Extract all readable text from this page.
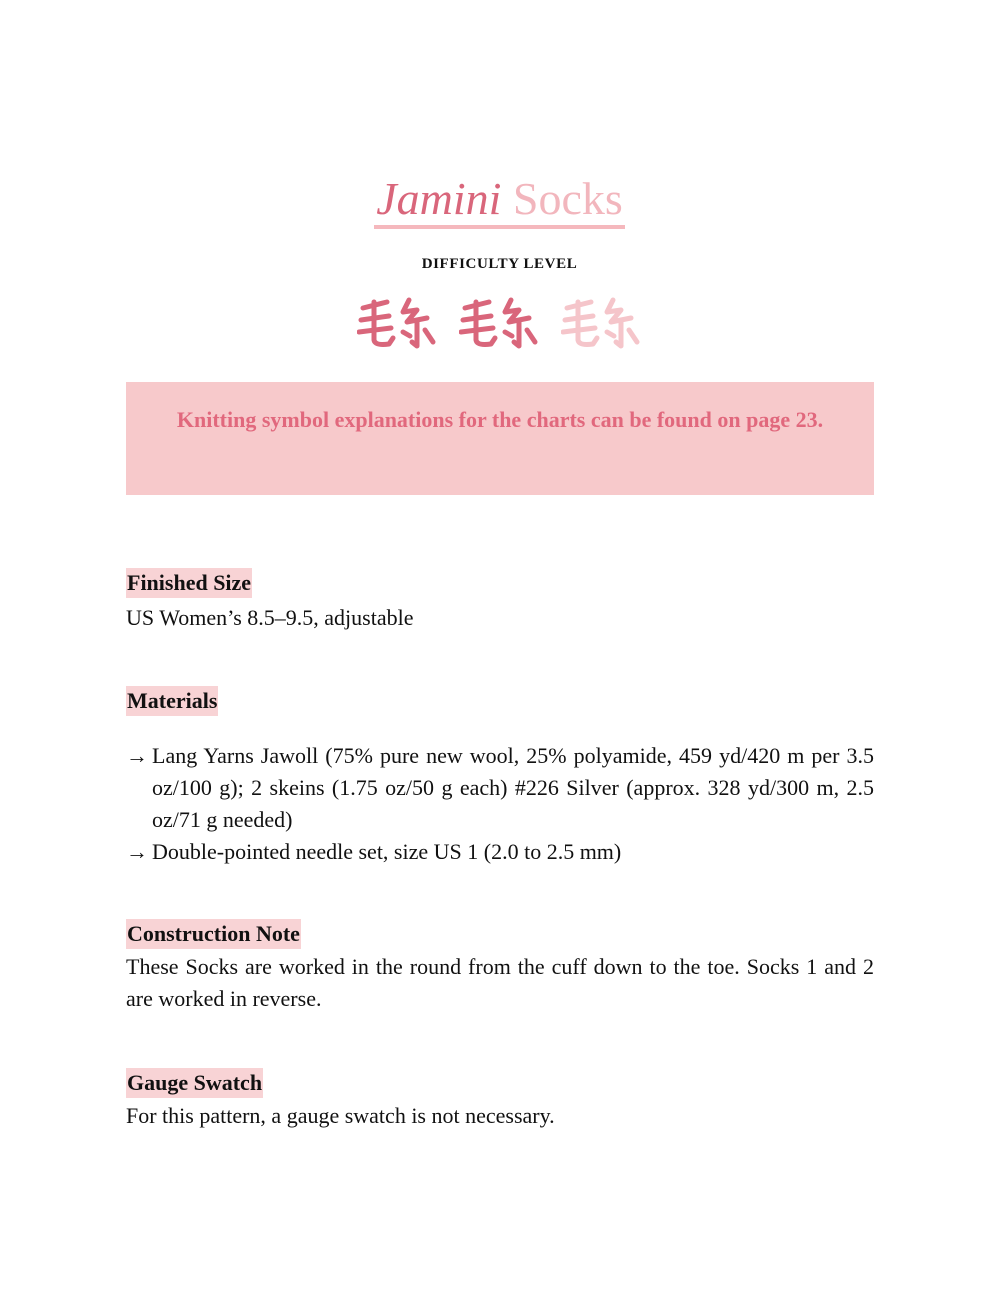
Jamini Socks
DIFFICULTY LEVEL

Knitting symbol explanations for the charts can be found on page 23.
Finished Size
US Women’s 8.5–9.5, adjustable
Materials
→ Lang Yarns Jawoll (75% pure new wool, 25% polyamide, 459 yd/420 m per 3.5 oz/100 g); 2 skeins (1.75 oz/50 g each) #226 Silver (approx. 328 yd/300 m, 2.5 oz/71 g needed)
→ Double-pointed needle set, size US 1 (2.0 to 2.5 mm)
Construction Note
These Socks are worked in the round from the cuff down to the toe. Socks 1 and 2 are worked in reverse.
Gauge Swatch
For this pattern, a gauge swatch is not necessary.
